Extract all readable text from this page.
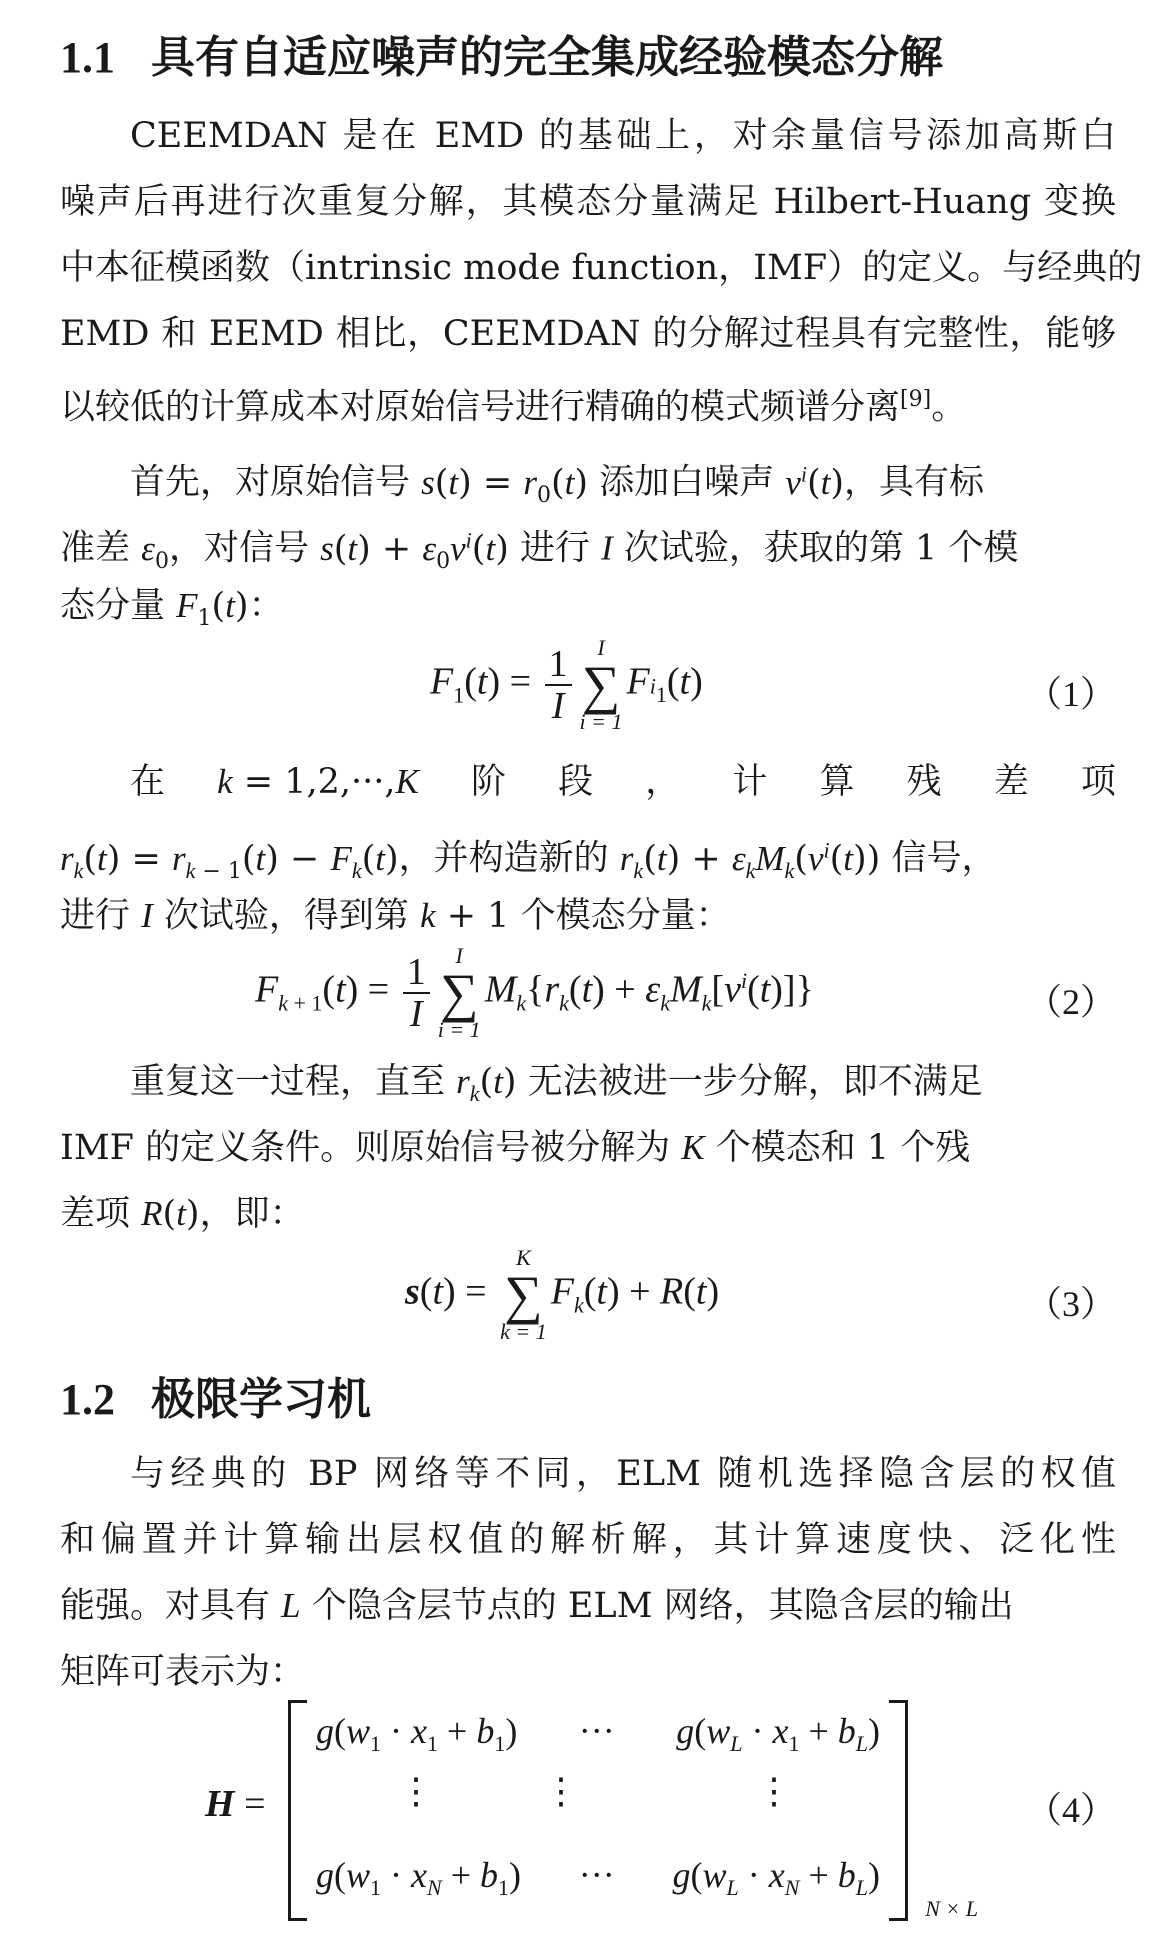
1.1 具有自适应噪声的完全集成经验模态分解
CEEMDAN 是在 EMD 的基础上，对余量信号添加高斯白
噪声后再进行次重复分解，其模态分量满足 Hilbert-Huang 变换
中本征模函数（intrinsic mode function，IMF）的定义。与经典的
EMD 和 EEMD 相比，CEEMDAN 的分解过程具有完整性，能够
以较低的计算成本对原始信号进行精确的模式频谱分离[9]。
首先，对原始信号 $s(t) = r_0(t)$ 添加白噪声 $v^i(t)$，具有标
准差 $\varepsilon_0$，对信号 $s(t) + \varepsilon_0v^i(t)$ 进行 I 次试验，获取的第 1 个模
态分量 $F_1(t)$：
$F_1(t) = \frac{1}{I}$	I
∑
i = 1
$F_{^i1}(t)$	（1）
在 k = 1,2,···,K 阶 段 ， 计 算 残 差 项
$r_k(t) = r_{k - 1}(t) - F_k(t)$，并构造新的 $r_k(t) + \varepsilon_kM_k(v^i(t))$ 信号，
进行 I 次试验，得到第 k + 1 个模态分量：
$F_{k + 1}(t) = \frac{1}{I}$	I
∑
i = 1
$M_k\{r_k(t) + \varepsilon_kM_k[v^i(t)]\}$	（2）
重复这一过程，直至 $r_k(t)$ 无法被进一步分解，即不满足
IMF 的定义条件。则原始信号被分解为 K 个模态和 1 个残
差项 R(t)，即：
s(t) =
K
∑
k = 1
$F_k(t) + R(t)$	（3）
1.2 极限学习机
与经典的 BP 网络等不同，ELM 随机选择隐含层的权值
和偏置并计算输出层权值的解析解，其计算速度快、泛化性
能强。对具有 L 个隐含层节点的 ELM 网络，其隐含层的输出
矩阵可表示为：
H =
$g(w_1 \cdot x_1 + b_1)$ ··· $g(w_L \cdot x_1 + b_L)$
⋮	⋮	⋮
$g(w_1 \cdot x_N + b_1)$ ··· $g(w_L \cdot x_N + b_L)$
N × L
（4）
